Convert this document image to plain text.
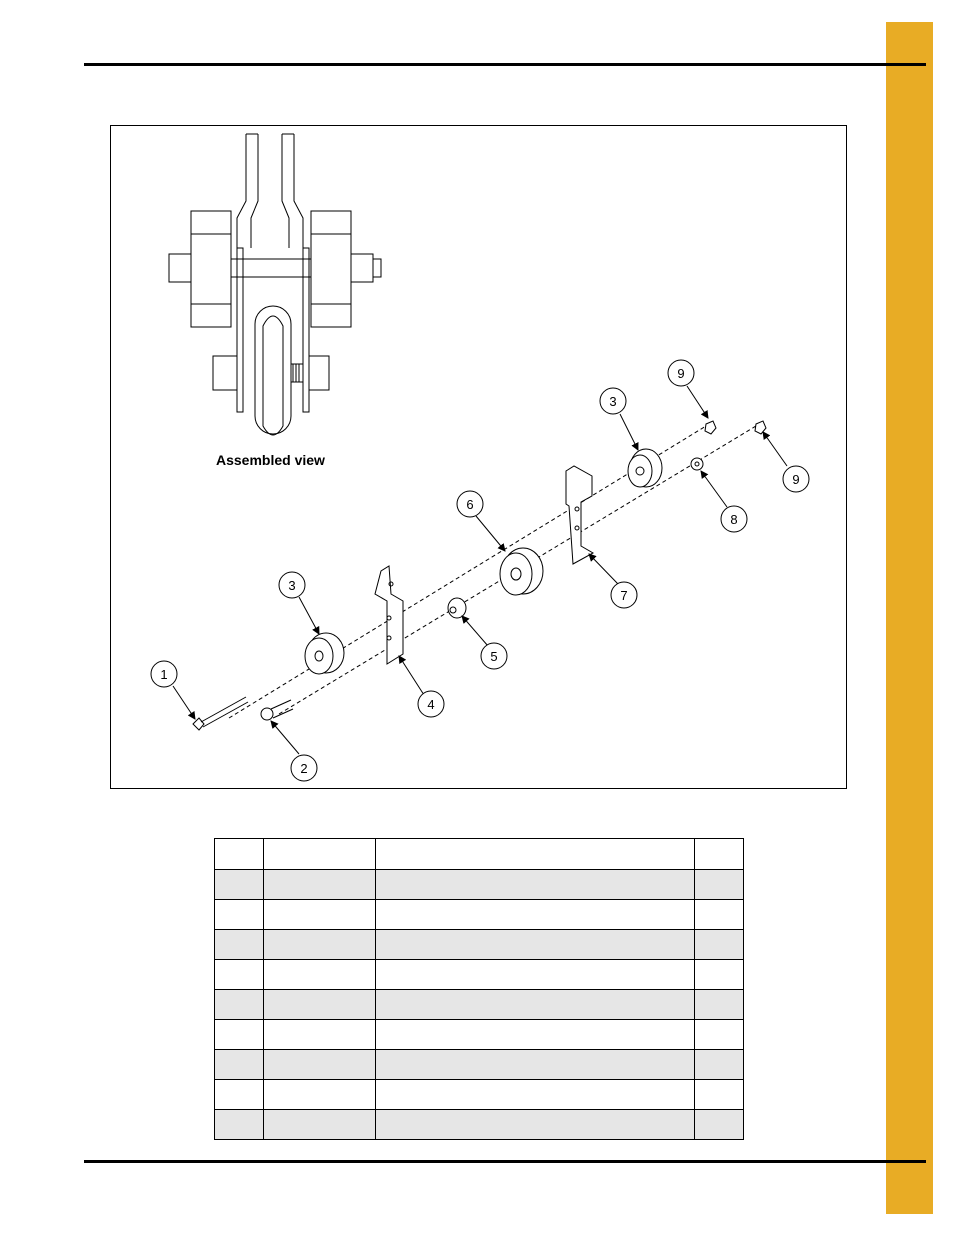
Assembled view
1
2
3
3
4
5
6
7
8
9
9
